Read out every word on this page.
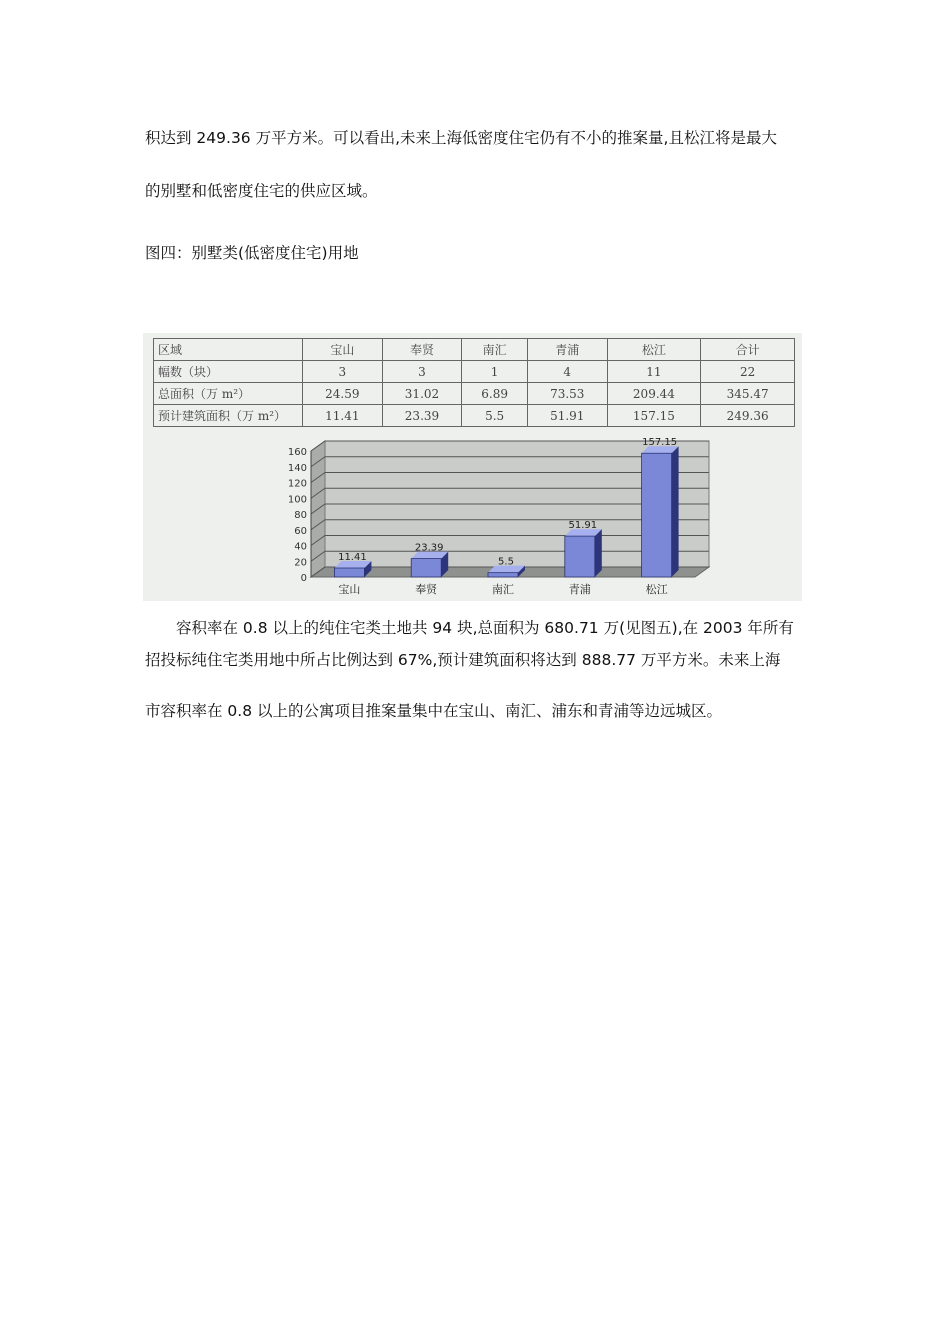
积达到 249.36 万平方米。可以看出,未来上海低密度住宅仍有不小的推案量,且松江将是最大
的别墅和低密度住宅的供应区域。
图四：别墅类(低密度住宅)用地
区域	宝山	奉贤	南汇	青浦	松江	合计
幅数（块）	3	3	1	4	11	22
总面积（万 m²）	24.59	31.02	6.89	73.53	209.44	345.47
预计建筑面积（万 m²）	11.41	23.39	5.5	51.91	157.15	249.36
0
20
40
60
80
100
120
140
160
11.41
宝山
23.39
奉贤
5.5
南汇
51.91
青浦
157.15
松江
　　容积率在 0.8 以上的纯住宅类土地共 94 块,总面积为 680.71 万(见图五),在 2003 年所有
招投标纯住宅类用地中所占比例达到 67%,预计建筑面积将达到 888.77 万平方米。未来上海
市容积率在 0.8 以上的公寓项目推案量集中在宝山、南汇、浦东和青浦等边远城区。
